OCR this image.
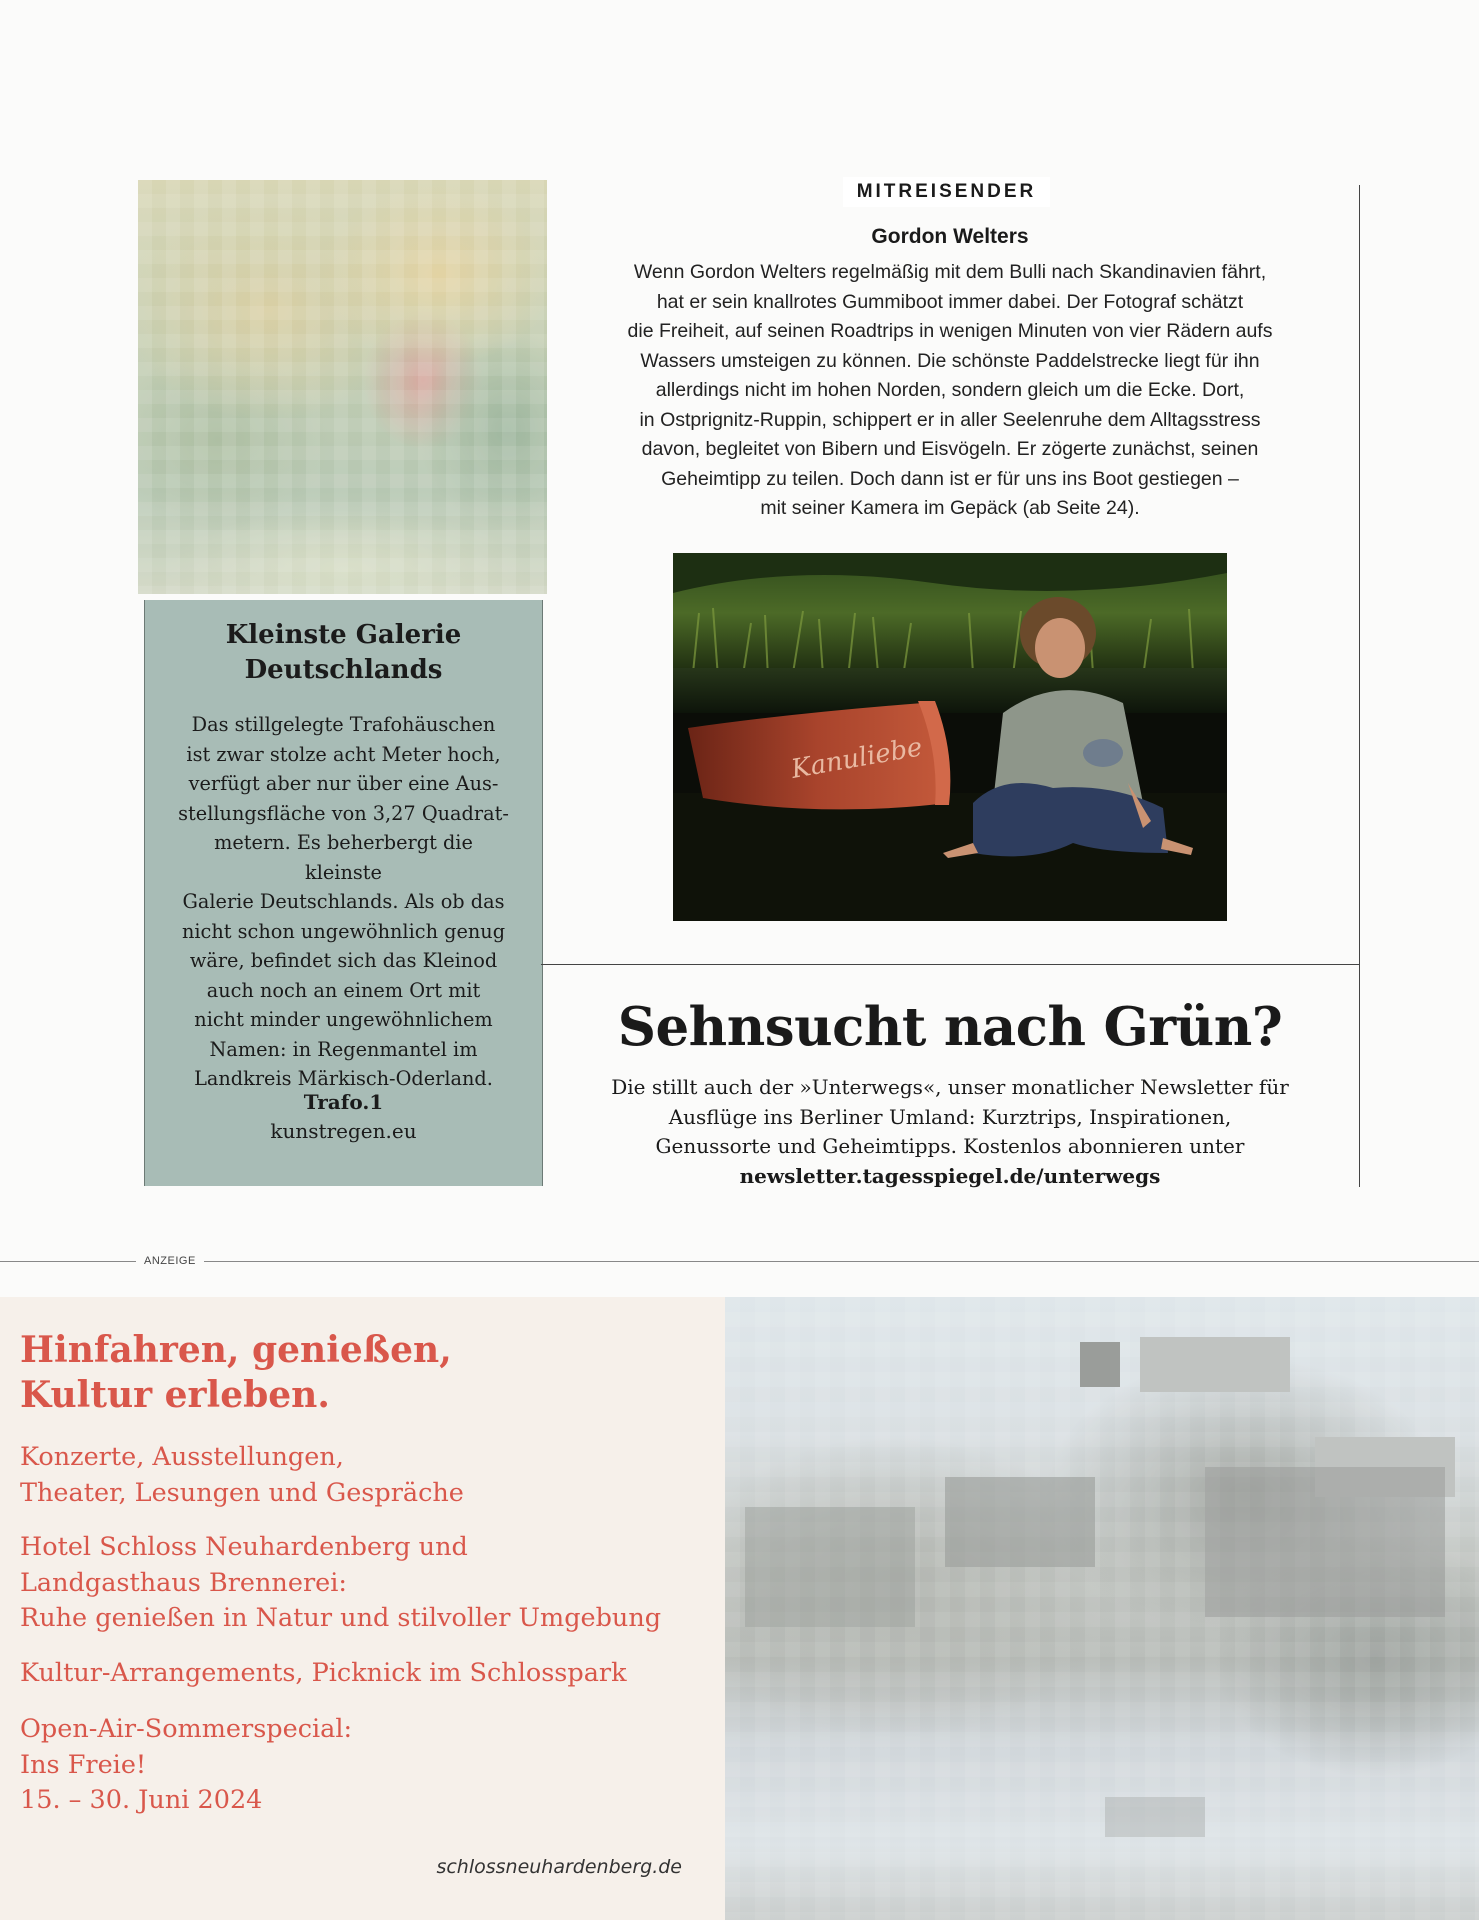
Kleinste Galerie
Deutschlands
Das stillgelegte Trafohäuschen
ist zwar stolze acht Meter hoch,
verfügt aber nur über eine Aus-
stellungsfläche von 3,27 Quadrat-
metern. Es beherbergt die kleinste
Galerie Deutschlands. Als ob das
nicht schon ungewöhnlich genug
wäre, befindet sich das Kleinod
auch noch an einem Ort mit
nicht minder ungewöhnlichem
Namen: in Regenmantel im
Landkreis Märkisch-Oderland.
Trafo.1
kunstregen.eu
MITREISENDER
Gordon Welters
Wenn Gordon Welters regelmäßig mit dem Bulli nach Skandinavien fährt,
hat er sein knallrotes Gummiboot immer dabei. Der Fotograf schätzt
die Freiheit, auf seinen Roadtrips in wenigen Minuten von vier Rädern aufs
Wassers umsteigen zu können. Die schönste Paddelstrecke liegt für ihn
allerdings nicht im hohen Norden, sondern gleich um die Ecke. Dort,
in Ostprignitz-Ruppin, schippert er in aller Seelenruhe dem Alltagsstress
davon, begleitet von Bibern und Eisvögeln. Er zögerte zunächst, seinen
Geheimtipp zu teilen. Doch dann ist er für uns ins Boot gestiegen –
mit seiner Kamera im Gepäck (ab Seite 24).
Kanuliebe
Sehnsucht nach Grün?
Die stillt auch der »Unterwegs«, unser monatlicher Newsletter für
Ausflüge ins Berliner Umland: Kurztrips, Inspirationen,
Genussorte und Geheimtipps. Kostenlos abonnieren unter
newsletter.tagesspiegel.de/unterwegs
ANZEIGE
Hinfahren, genießen,
Kultur erleben.
Konzerte, Ausstellungen,
Theater, Lesungen und Gespräche
Hotel Schloss Neuhardenberg und
Landgasthaus Brennerei:
Ruhe genießen in Natur und stilvoller Umgebung
Kultur-Arrangements, Picknick im Schlosspark
Open-Air-Sommerspecial:
Ins Freie!
15. – 30. Juni 2024
schlossneuhardenberg.de
